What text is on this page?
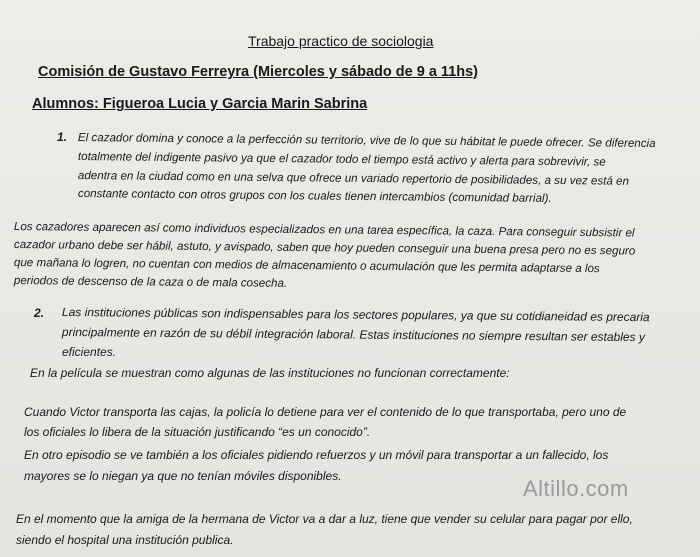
Trabajo practico de sociologia

Comisión de Gustavo Ferreyra (Miercoles y sábado de 9 a 11hs)

Alumnos: Figueroa Lucia y Garcia Marin Sabrina

1. El cazador domina y conoce a la perfección su territorio, vive de lo que su hábitat le puede ofrecer. Se diferencia

totalmente del indigente pasivo ya que el cazador todo el tiempo está activo y alerta para sobrevivir, se

adentra en la ciudad como en una selva que ofrece un variado repertorio de posibilidades, a su vez está en

constante contacto con otros grupos con los cuales tienen intercambios (comunidad barrial).

Los cazadores aparecen así como individuos especializados en una tarea específica, la caza. Para conseguir subsistir el

cazador urbano debe ser hábil, astuto, y avispado, saben que hoy pueden conseguir una buena presa pero no es seguro

que mañana lo logren, no cuentan con medios de almacenamiento o acumulación que les permita adaptarse a los

periodos de descenso de la caza o de mala cosecha.

2. Las instituciones públicas son indispensables para los sectores populares, ya que su cotidianeidad es precaria

principalmente en razón de su débil integración laboral. Estas instituciones no siempre resultan ser estables y

eficientes.

En la película se muestran como algunas de las instituciones no funcionan correctamente:

Cuando Victor transporta las cajas, la policía lo detiene para ver el contenido de lo que transportaba, pero uno de

los oficiales lo libera de la situación justificando “es un conocido”.

En otro episodio se ve también a los oficiales pidiendo refuerzos y un móvil para transportar a un fallecido, los

mayores se lo niegan ya que no tenían móviles disponibles.	Altillo.com

En el momento que la amiga de la hermana de Victor va a dar a luz, tiene que vender su celular para pagar por ello,

siendo el hospital una institución publica.
